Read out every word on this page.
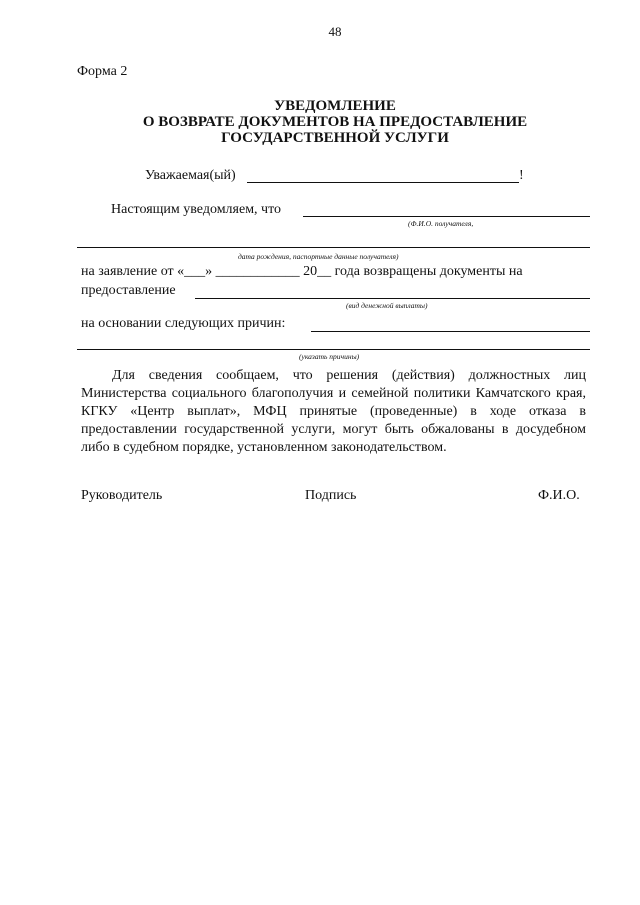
48
Форма 2
УВЕДОМЛЕНИЕ
О ВОЗВРАТЕ ДОКУМЕНТОВ НА ПРЕДОСТАВЛЕНИЕ
ГОСУДАРСТВЕННОЙ УСЛУГИ
Уважаемая(ый)	!
Настоящим уведомляем, что
(Ф.И.О. получателя,
дата рождения, паспортные данные получателя)
на заявление от «___» ____________ 20__ года возвращены документы на
предоставление
(вид денежной выплаты)
на основании следующих причин:
(указать причины)
Для сведения сообщаем, что решения (действия) должностных лиц Министерства социального благополучия и семейной политики Камчатского края, КГКУ «Центр выплат», МФЦ принятые (проведенные) в ходе отказа в предоставлении государственной услуги, могут быть обжалованы в досудебном либо в судебном порядке, установленном законодательством.
Руководитель	Подпись	Ф.И.О.
